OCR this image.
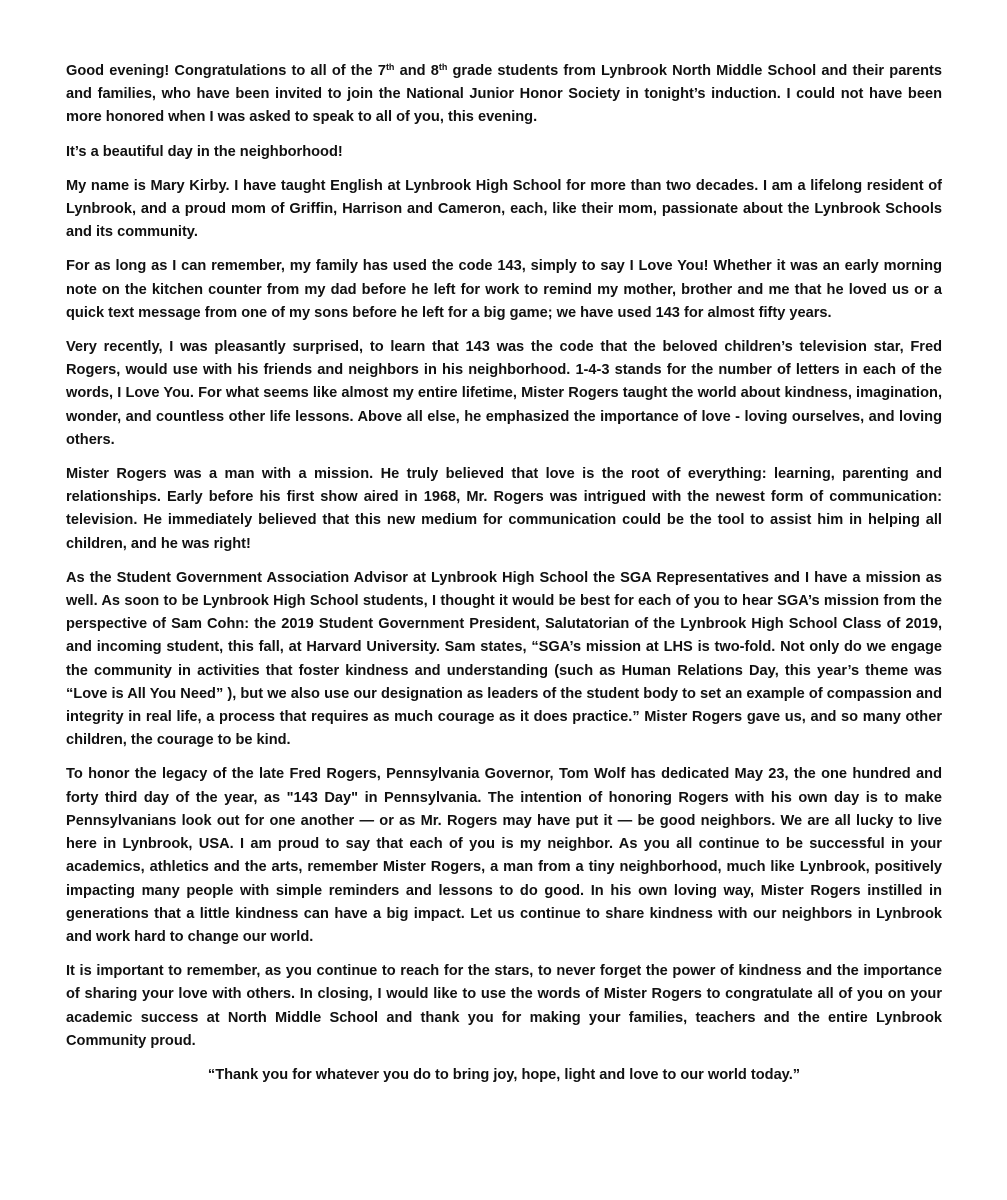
Good evening! Congratulations to all of the 7th and 8th grade students from Lynbrook North Middle School and their parents and families, who have been invited to join the National Junior Honor Society in tonight’s induction. I could not have been more honored when I was asked to speak to all of you, this evening.

It’s a beautiful day in the neighborhood!

My name is Mary Kirby. I have taught English at Lynbrook High School for more than two decades. I am a lifelong resident of Lynbrook, and a proud mom of Griffin, Harrison and Cameron, each, like their mom, passionate about the Lynbrook Schools and its community.

For as long as I can remember, my family has used the code 143, simply to say I Love You! Whether it was an early morning note on the kitchen counter from my dad before he left for work to remind my mother, brother and me that he loved us or a quick text message from one of my sons before he left for a big game; we have used 143 for almost fifty years.

Very recently, I was pleasantly surprised, to learn that 143 was the code that the beloved children’s television star, Fred Rogers, would use with his friends and neighbors in his neighborhood. 1-4-3 stands for the number of letters in each of the words, I Love You. For what seems like almost my entire lifetime, Mister Rogers taught the world about kindness, imagination, wonder, and countless other life lessons. Above all else, he emphasized the importance of love - loving ourselves, and loving others.

Mister Rogers was a man with a mission. He truly believed that love is the root of everything: learning, parenting and relationships. Early before his first show aired in 1968, Mr. Rogers was intrigued with the newest form of communication: television. He immediately believed that this new medium for communication could be the tool to assist him in helping all children, and he was right!

As the Student Government Association Advisor at Lynbrook High School the SGA Representatives and I have a mission as well. As soon to be Lynbrook High School students, I thought it would be best for each of you to hear SGA’s mission from the perspective of Sam Cohn: the 2019 Student Government President, Salutatorian of the Lynbrook High School Class of 2019, and incoming student, this fall, at Harvard University. Sam states, “SGA’s mission at LHS is two-fold. Not only do we engage the community in activities that foster kindness and understanding (such as Human Relations Day, this year’s theme was “Love is All You Need” ), but we also use our designation as leaders of the student body to set an example of compassion and integrity in real life, a process that requires as much courage as it does practice.” Mister Rogers gave us, and so many other children, the courage to be kind.

To honor the legacy of the late Fred Rogers, Pennsylvania Governor, Tom Wolf has dedicated May 23, the one hundred and forty third day of the year, as "143 Day" in Pennsylvania. The intention of honoring Rogers with his own day is to make Pennsylvanians look out for one another — or as Mr. Rogers may have put it — be good neighbors. We are all lucky to live here in Lynbrook, USA. I am proud to say that each of you is my neighbor. As you all continue to be successful in your academics, athletics and the arts, remember Mister Rogers, a man from a tiny neighborhood, much like Lynbrook, positively impacting many people with simple reminders and lessons to do good. In his own loving way, Mister Rogers instilled in generations that a little kindness can have a big impact. Let us continue to share kindness with our neighbors in Lynbrook and work hard to change our world.

It is important to remember, as you continue to reach for the stars, to never forget the power of kindness and the importance of sharing your love with others. In closing, I would like to use the words of Mister Rogers to congratulate all of you on your academic success at North Middle School and thank you for making your families, teachers and the entire Lynbrook Community proud.

“Thank you for whatever you do to bring joy, hope, light and love to our world today.”
